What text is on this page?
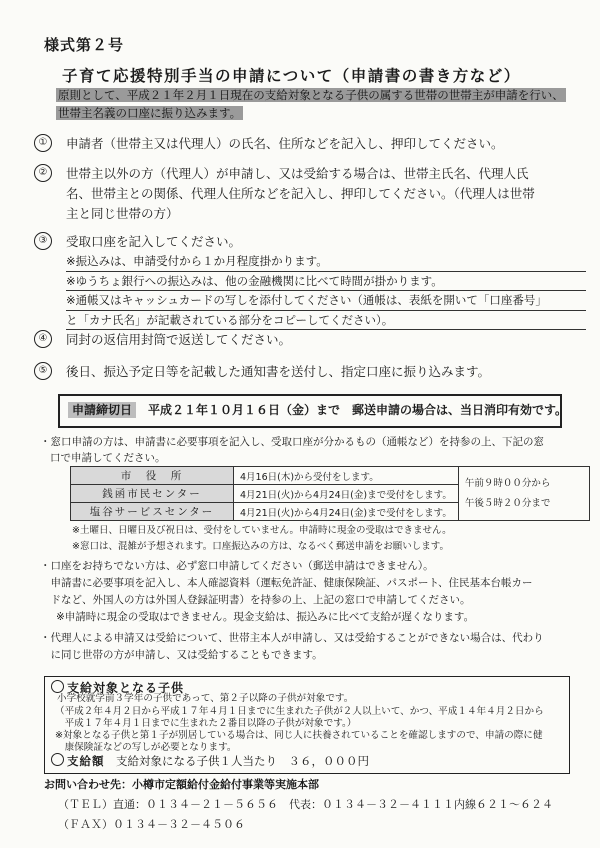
様式第２号
子育て応援特別手当の申請について（申請書の書き方など）
原則として、平成２１年２月１日現在の支給対象となる子供の属する世帯の世帯主が申請を行い、
世帯主名義の口座に振り込みます。
①	申請者（世帯主又は代理人）の氏名、住所などを記入し、押印してください。
②	世帯主以外の方（代理人）が申請し、又は受給する場合は、世帯主氏名、代理人氏
名、世帯主との関係、代理人住所などを記入し、押印してください。（代理人は世帯
主と同じ世帯の方）
③	受取口座を記入してください。
※振込みは、申請受付から１か月程度掛かります。
※ゆうちょ銀行への振込みは、他の金融機関に比べて時間が掛かります。
※通帳又はキャッシュカードの写しを添付してください（通帳は、表紙を開いて「口座番号」
と「カナ氏名」が記載されている部分をコピーしてください）。
④	同封の返信用封筒で返送してください。
⑤	後日、振込予定日等を記載した通知書を送付し、指定口座に振り込みます。
申請締切日	平成２１年１０月１６日（金）まで　郵送申請の場合は、当日消印有効です。
・窓口申請の方は、申請書に必要事項を記入し、受取口座が分かるもの（通帳など）を持参の上、下記の窓
口で申請してください。
市　役　所	4月16日(木)から受付をします。	午前９時００分から
午後５時２０分まで
銭函市民センター	4月21日(火)から4月24日(金)まで受付をします。	
塩谷サービスセンター	4月21日(火)から4月24日(金)まで受付をします。	
※土曜日、日曜日及び祝日は、受付をしていません。申請時に現金の受取はできません。
※窓口は、混雑が予想されます。口座振込みの方は、なるべく郵送申請をお願いします。
・口座をお持ちでない方は、必ず窓口申請してください（郵送申請はできません）。
　申請書に必要事項を記入し、本人確認資料（運転免許証、健康保険証、パスポート、住民基本台帳カー
　ドなど、外国人の方は外国人登録証明書）を持参の上、上記の窓口で申請してください。
※申請時に現金の受取はできません。現金支給は、振込みに比べて支給が遅くなります。
・代理人による申請又は受給について、世帯主本人が申請し、又は受給することができない場合は、代わり
　に同じ世帯の方が申請し、又は受給することもできます。
支給対象となる子供
支給額　 支給対象になる子供１人当たり　３６，０００円
小学校就学前３学年の子供であって、第２子以降の子供が対象です。
（平成２年４月２日から平成１７年４月１日までに生まれた子供が２人以上いて、かつ、平成１４年４月２日から
　平成１７年４月１日までに生まれた２番目以降の子供が対象です。）
※対象となる子供と第１子が別居している場合は、同じ人に扶養されていることを確認しますので、申請の際に健
　康保険証などの写しが必要となります。
お問い合わせ先：小樽市定額給付金給付事業等実施本部
（ＴＥＬ）直通：０１３４－２１－５６５６　代表：０１３４－３２－４１１１内線６２１～６２４
（ＦＡＸ）０１３４－３２－４５０６
